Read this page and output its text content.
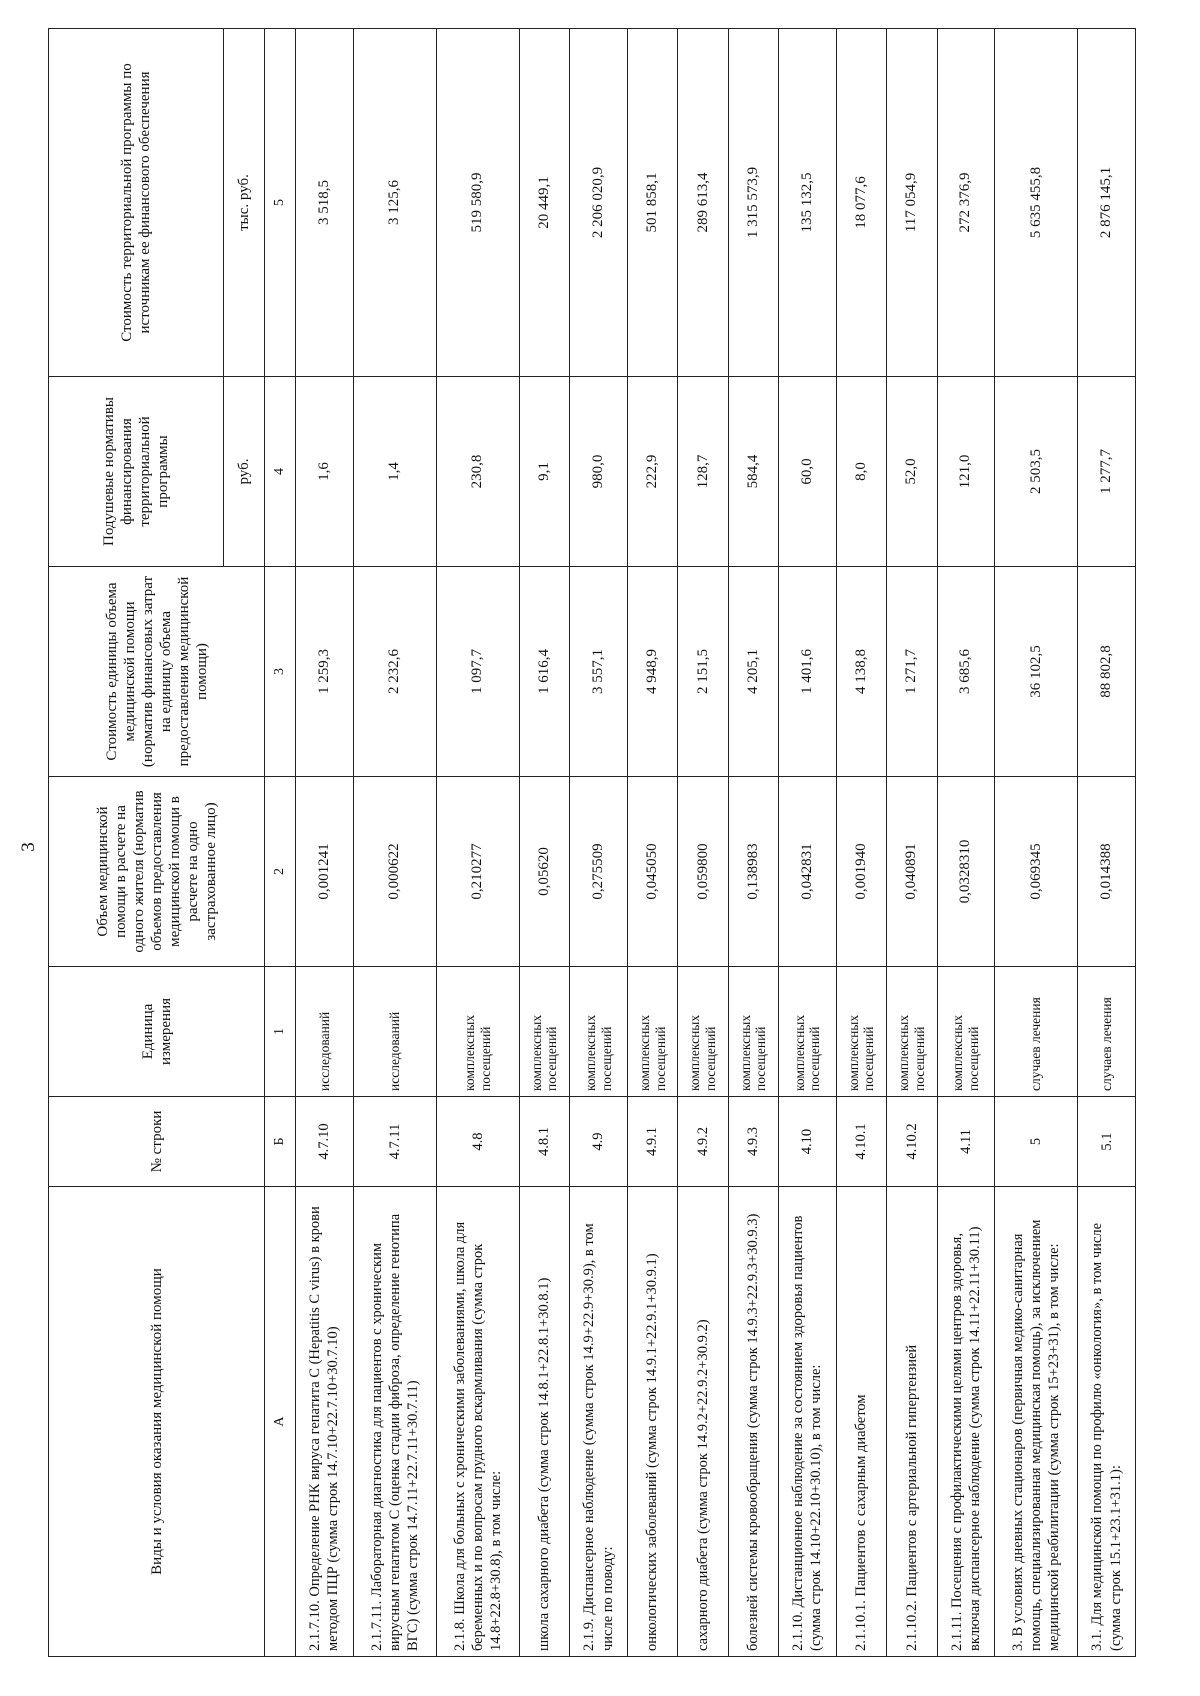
3
Виды и условия оказания медицинской помощи	№ строки	Единица измерения	Объем медицинской помощи в расчете на одного жителя (норматив объемов предоставления медицинской помощи в расчете на одно застрахованное лицо)	Стоимость единицы объема медицинской помощи (норматив финансовых затрат на единицу объема предоставления медицинской помощи)	Подушевые нормативы финансирования территориальной программы	Стоимость территориальной программы по источникам ее финансового обеспечения
					руб.	тыс. руб.
А	Б	1	2	3	4	5
2.1.7.10. Определение РНК вируса гепатита С (Hepatitis C virus) в крови методом ПЦР (сумма строк 14.7.10+22.7.10+30.7.10)	4.7.10	исследований	0,001241	1 259,3	1,6	3 518,5
2.1.7.11. Лабораторная диагностика для пациентов с хроническим вирусным гепатитом С (оценка стадии фиброза, определение генотипа ВГС) (сумма строк 14.7.11+22.7.11+30.7.11)	4.7.11	исследований	0,000622	2 232,6	1,4	3 125,6
2.1.8. Школа для больных с хроническими заболеваниями, школа для беременных и по вопросам грудного вскармливания (сумма строк 14.8+22.8+30.8), в том числе:	4.8	комплексных посещений	0,210277	1 097,7	230,8	519 580,9
школа сахарного диабета (сумма строк 14.8.1+22.8.1+30.8.1)	4.8.1	комплексных посещений	0,05620	1 616,4	9,1	20 449,1
2.1.9. Диспансерное наблюдение (сумма строк 14.9+22.9+30.9), в том числе по поводу:	4.9	комплексных посещений	0,275509	3 557,1	980,0	2 206 020,9
онкологических заболеваний (сумма строк 14.9.1+22.9.1+30.9.1)	4.9.1	комплексных посещений	0,045050	4 948,9	222,9	501 858,1
сахарного диабета (сумма строк 14.9.2+22.9.2+30.9.2)	4.9.2	комплексных посещений	0,059800	2 151,5	128,7	289 613,4
болезней системы кровообращения (сумма строк 14.9.3+22.9.3+30.9.3)	4.9.3	комплексных посещений	0,138983	4 205,1	584,4	1 315 573,9
2.1.10. Дистанционное наблюдение за состоянием здоровья пациентов (сумма строк 14.10+22.10+30.10), в том числе:	4.10	комплексных посещений	0,042831	1 401,6	60,0	135 132,5
2.1.10.1. Пациентов с сахарным диабетом	4.10.1	комплексных посещений	0,001940	4 138,8	8,0	18 077,6
2.1.10.2. Пациентов с артериальной гипертензией	4.10.2	комплексных посещений	0,040891	1 271,7	52,0	117 054,9
2.1.11. Посещения с профилактическими целями центров здоровья, включая диспансерное наблюдение (сумма строк 14.11+22.11+30.11)	4.11	комплексных посещений	0,0328310	3 685,6	121,0	272 376,9
3. В условиях дневных стационаров (первичная медико-санитарная помощь, специализированная медицинская помощь), за исключением медицинской реабилитации (сумма строк 15+23+31), в том числе:	5	случаев лечения	0,069345	36 102,5	2 503,5	5 635 455,8
3.1. Для медицинской помощи по профилю «онкология», в том числе (сумма строк 15.1+23.1+31.1):	5.1	случаев лечения	0,014388	88 802,8	1 277,7	2 876 145,1
